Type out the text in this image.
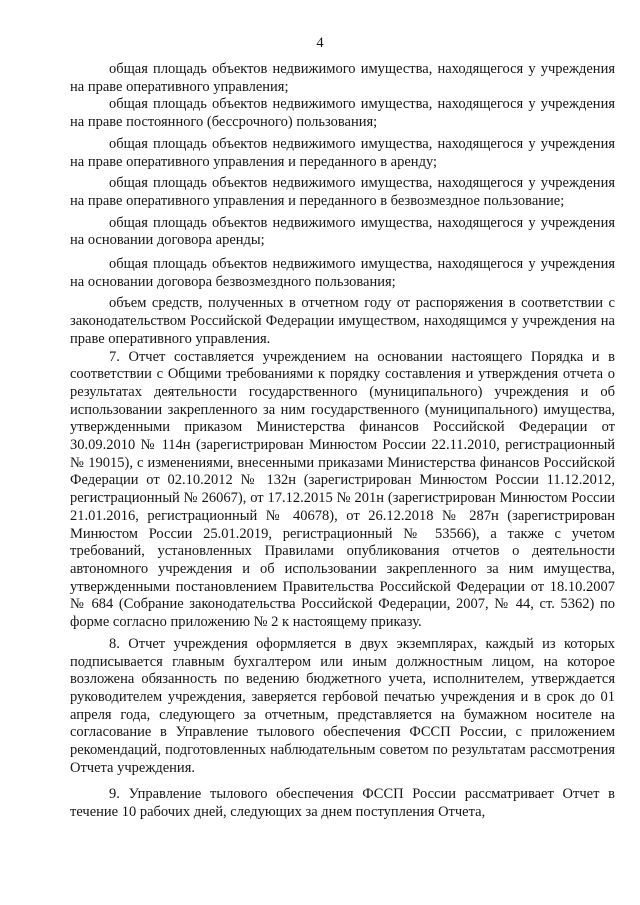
4

общая площадь объектов недвижимого имущества, находящегося у учреждения на праве оперативного управления;

общая площадь объектов недвижимого имущества, находящегося у учреждения на праве постоянного (бессрочного) пользования;

общая площадь объектов недвижимого имущества, находящегося у учреждения на праве оперативного управления и переданного в аренду;

общая площадь объектов недвижимого имущества, находящегося у учреждения на праве оперативного управления и переданного в безвозмездное пользование;

общая площадь объектов недвижимого имущества, находящегося у учреждения на основании договора аренды;

общая площадь объектов недвижимого имущества, находящегося у учреждения на основании договора безвозмездного пользования;

объем средств, полученных в отчетном году от распоряжения в соответствии с законодательством Российской Федерации имуществом, находящимся у учреждения на праве оперативного управления.

7. Отчет составляется учреждением на основании настоящего Порядка и в соответствии с Общими требованиями к порядку составления и утверждения отчета о результатах деятельности государственного (муниципального) учреждения и об использовании закрепленного за ним государственного (муниципального) имущества, утвержденными приказом Министерства финансов Российской Федерации от 30.09.2010 № 114н (зарегистрирован Минюстом России 22.11.2010, регистрационный № 19015), с изменениями, внесенными приказами Министерства финансов Российской Федерации от 02.10.2012 № 132н (зарегистрирован Минюстом России 11.12.2012, регистрационный № 26067), от 17.12.2015 № 201н (зарегистрирован Минюстом России 21.01.2016, регистрационный № 40678), от 26.12.2018 № 287н (зарегистрирован Минюстом России 25.01.2019, регистрационный № 53566), а также с учетом требований, установленных Правилами опубликования отчетов о деятельности автономного учреждения и об использовании закрепленного за ним имущества, утвержденными постановлением Правительства Российской Федерации от 18.10.2007 № 684 (Собрание законодательства Российской Федерации, 2007, № 44, ст. 5362) по форме согласно приложению № 2 к настоящему приказу.

8. Отчет учреждения оформляется в двух экземплярах, каждый из которых подписывается главным бухгалтером или иным должностным лицом, на которое возложена обязанность по ведению бюджетного учета, исполнителем, утверждается руководителем учреждения, заверяется гербовой печатью учреждения и в срок до 01 апреля года, следующего за отчетным, представляется на бумажном носителе на согласование в Управление тылового обеспечения ФССП России, с приложением рекомендаций, подготовленных наблюдательным советом по результатам рассмотрения Отчета учреждения.

9. Управление тылового обеспечения ФССП России рассматривает Отчет в течение 10 рабочих дней, следующих за днем поступления Отчета,
